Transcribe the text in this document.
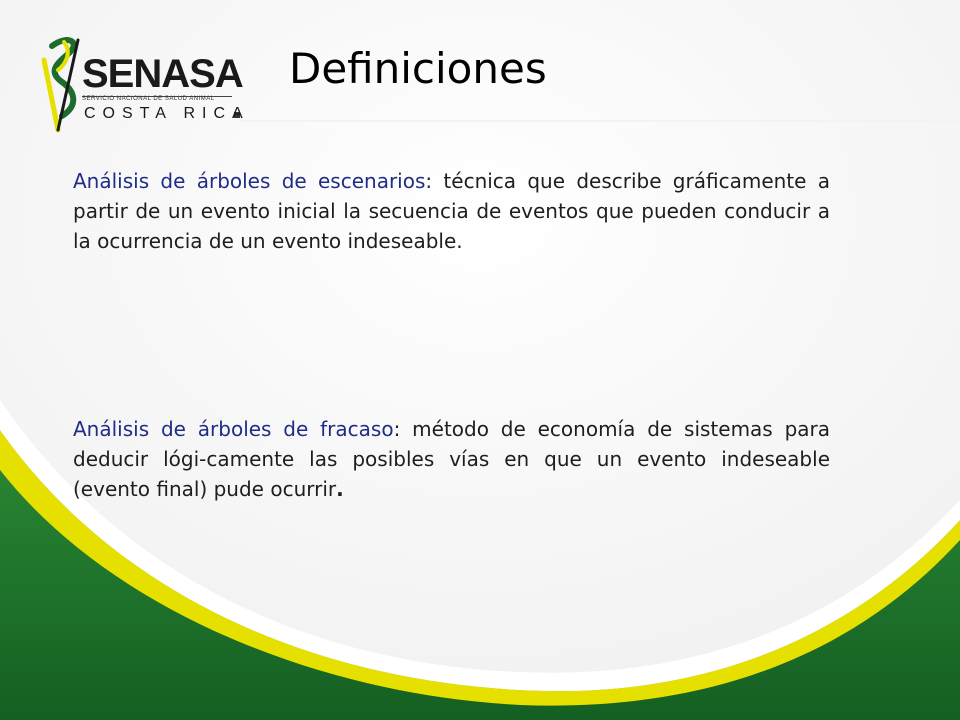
SENASA
SERVICIO NACIONAL DE SALUD ANIMAL
COSTA RICA
Definiciones

Análisis de árboles de escenarios: técnica que describe gráficamente a partir de un evento inicial la secuencia de eventos que pueden conducir a la ocurrencia de un evento indeseable.

Análisis de árboles de fracaso: método de economía de sistemas para deducir lógi-camente las posibles vías en que un evento indeseable (evento final) pude ocurrir.
